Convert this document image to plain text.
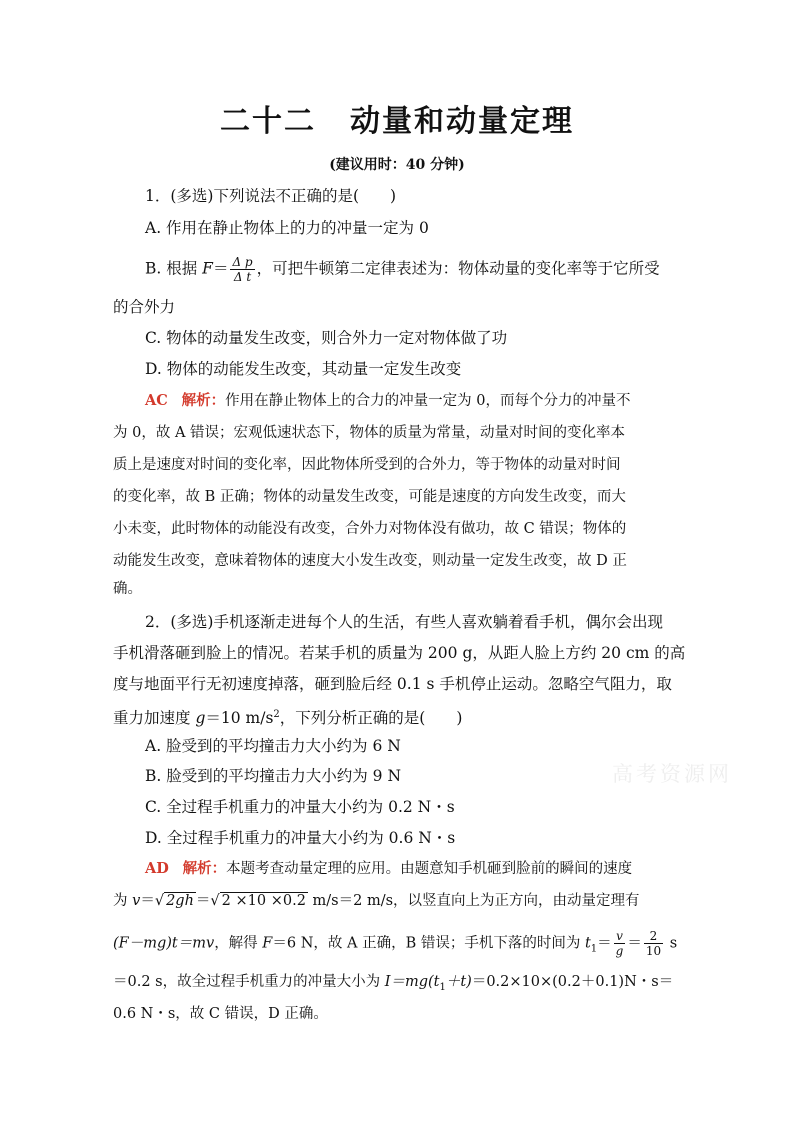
二十二 动量和动量定理
(建议用时：40 分钟)
1．(多选)下列说法不正确的是(　　)
A. 作用在静止物体上的力的冲量一定为 0
B. 根据 $F= \frac{\text{Δ p}}{\text{Δ t}}$ ，可把牛顿第二定律表述为：物体动量的变化率等于它所受
的合外力
C. 物体的动量发生改变，则合外力一定对物体做了功
D. 物体的动能发生改变，其动量一定发生改变
AC 解析：作用在静止物体上的合力的冲量一定为 0，而每个分力的冲量不
为 0，故 A 错误；宏观低速状态下，物体的质量为常量，动量对时间的变化率本
质上是速度对时间的变化率，因此物体所受到的合外力，等于物体的动量对时间
的变化率，故 B 正确；物体的动量发生改变，可能是速度的方向发生改变，而大
小未变，此时物体的动能没有改变，合外力对物体没有做功，故 C 错误；物体的
动能发生改变，意味着物体的速度大小发生改变，则动量一定发生改变，故 D 正
确。
2．(多选)手机逐渐走进每个人的生活，有些人喜欢躺着看手机，偶尔会出现
手机滑落砸到脸上的情况。若某手机的质量为 200 g，从距人脸上方约 20 cm 的高
度与地面平行无初速度掉落，砸到脸后经 0.1 s 手机停止运动。忽略空气阻力，取
重力加速度 g＝10 $m/s^2$，下列分析正确的是(　　)
A. 脸受到的平均撞击力大小约为 6 N
B. 脸受到的平均撞击力大小约为 9 N
C. 全过程手机重力的冲量大小约为 0.2 N・s
D. 全过程手机重力的冲量大小约为 0.6 N・s
AD 解析：本题考查动量定理的应用。由题意知手机砸到脸前的瞬间的速度
为 v＝√ 2gh ＝√ 2 ×10 ×0.2 m/s＝2 m/s，以竖直向上为正方向，由动量定理有
(F－mg)t＝mv，解得 F＝6 N，故 A 正确，B 错误；手机下落的时间为 $t_1= \frac{v}{g} = \frac{2}{10}$ s
＝0.2 s，故全过程手机重力的冲量大小为 $I=mg(t_1+t)=0.2\times 10\times(0.2+0.1)N$・s＝
0.6 N・s，故 C 错误，D 正确。
高考资源网
